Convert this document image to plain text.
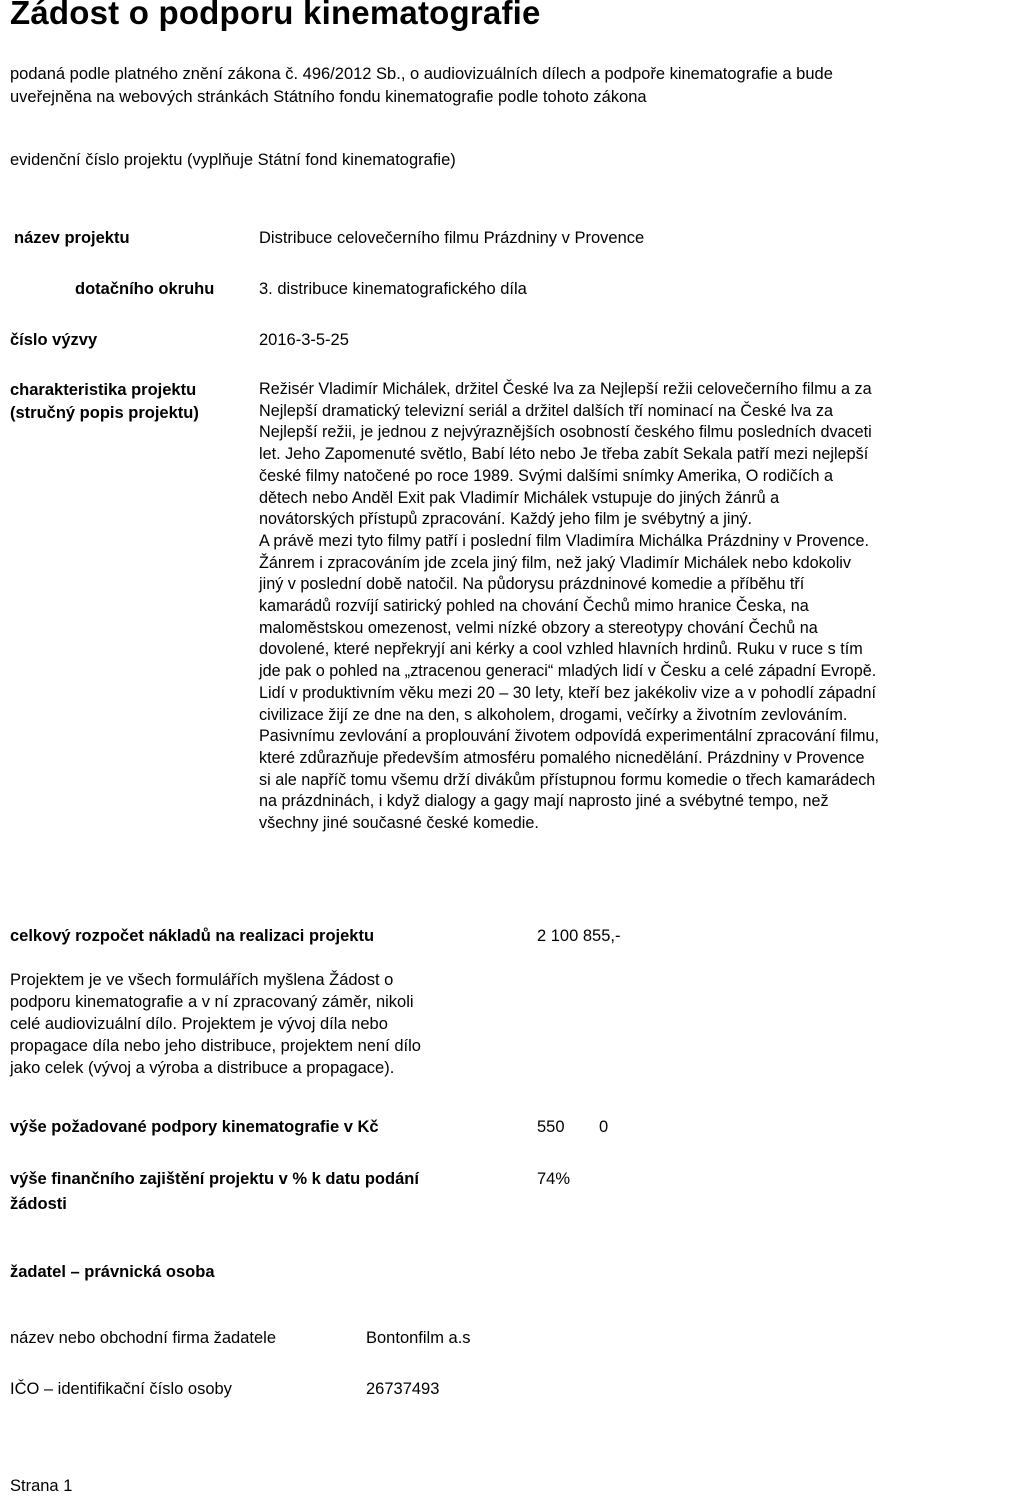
Zádost o podporu kinematografie
podaná podle platného znění zákona č. 496/2012 Sb., o audiovizuálních dílech a podpoře kinematografie a bude
uveřejněna na webových stránkách Státního fondu kinematografie podle tohoto zákona
evidenční číslo projektu (vyplňuje Státní fond kinematografie)
název projektu	Distribuce celovečerního filmu Prázdniny v Provence
dotačního okruhu	3. distribuce kinematografického díla
číslo výzvy	2016-3-5-25
charakteristika projektu
(stručný popis projektu)
Režisér Vladimír Michálek, držitel České lva za Nejlepší režii celovečerního filmu a za
Nejlepší dramatický televizní seriál a držitel dalších tří nominací na České lva za
Nejlepší režii, je jednou z nejvýraznějších osobností českého filmu posledních dvaceti
let. Jeho Zapomenuté světlo, Babí léto nebo Je třeba zabít Sekala patří mezi nejlepší
české filmy natočené po roce 1989. Svými dalšími snímky Amerika, O rodičích a
dětech nebo Anděl Exit pak Vladimír Michálek vstupuje do jiných žánrů a
novátorských přístupů zpracování. Každý jeho film je svébytný a jiný.
A právě mezi tyto filmy patří i poslední film Vladimíra Michálka Prázdniny v Provence.
Žánrem i zpracováním jde zcela jiný film, než jaký Vladimír Michálek nebo kdokoliv
jiný v poslední době natočil. Na půdorysu prázdninové komedie a příběhu tří
kamarádů rozvíjí satirický pohled na chování Čechů mimo hranice Česka, na
maloměstskou omezenost, velmi nízké obzory a stereotypy chování Čechů na
dovolené, které nepřekryjí ani kérky a cool vzhled hlavních hrdinů. Ruku v ruce s tím
jde pak o pohled na „ztracenou generaci“ mladých lidí v Česku a celé západní Evropě.
Lidí v produktivním věku mezi 20 – 30 lety, kteří bez jakékoliv vize a v pohodlí západní
civilizace žijí ze dne na den, s alkoholem, drogami, večírky a životním zevlováním.
Pasivnímu zevlování a proplouvání životem odpovídá experimentální zpracování filmu,
které zdůrazňuje především atmosféru pomalého nicnedělání. Prázdniny v Provence
si ale napříč tomu všemu drží divákům přístupnou formu komedie o třech kamarádech
na prázdninách, i když dialogy a gagy mají naprosto jiné a svébytné tempo, než
všechny jiné současné české komedie.
celkový rozpočet nákladů na realizaci projektu	2 100 855,-
Projektem je ve všech formulářích myšlena Žádost o
podporu kinematografie a v ní zpracovaný záměr, nikoli
celé audiovizuální dílo. Projektem je vývoj díla nebo
propagace díla nebo jeho distribuce, projektem není dílo
jako celek (vývoj a výroba a distribuce a propagace).
výše požadované podpory kinematografie v Kč	550 0
výše finančního zajištění projektu v % k datu podání
žádosti
74%
žadatel – právnická osoba
název nebo obchodní firma žadatele	Bontonfilm a.s
IČO – identifikační číslo osoby	26737493
Strana 1
